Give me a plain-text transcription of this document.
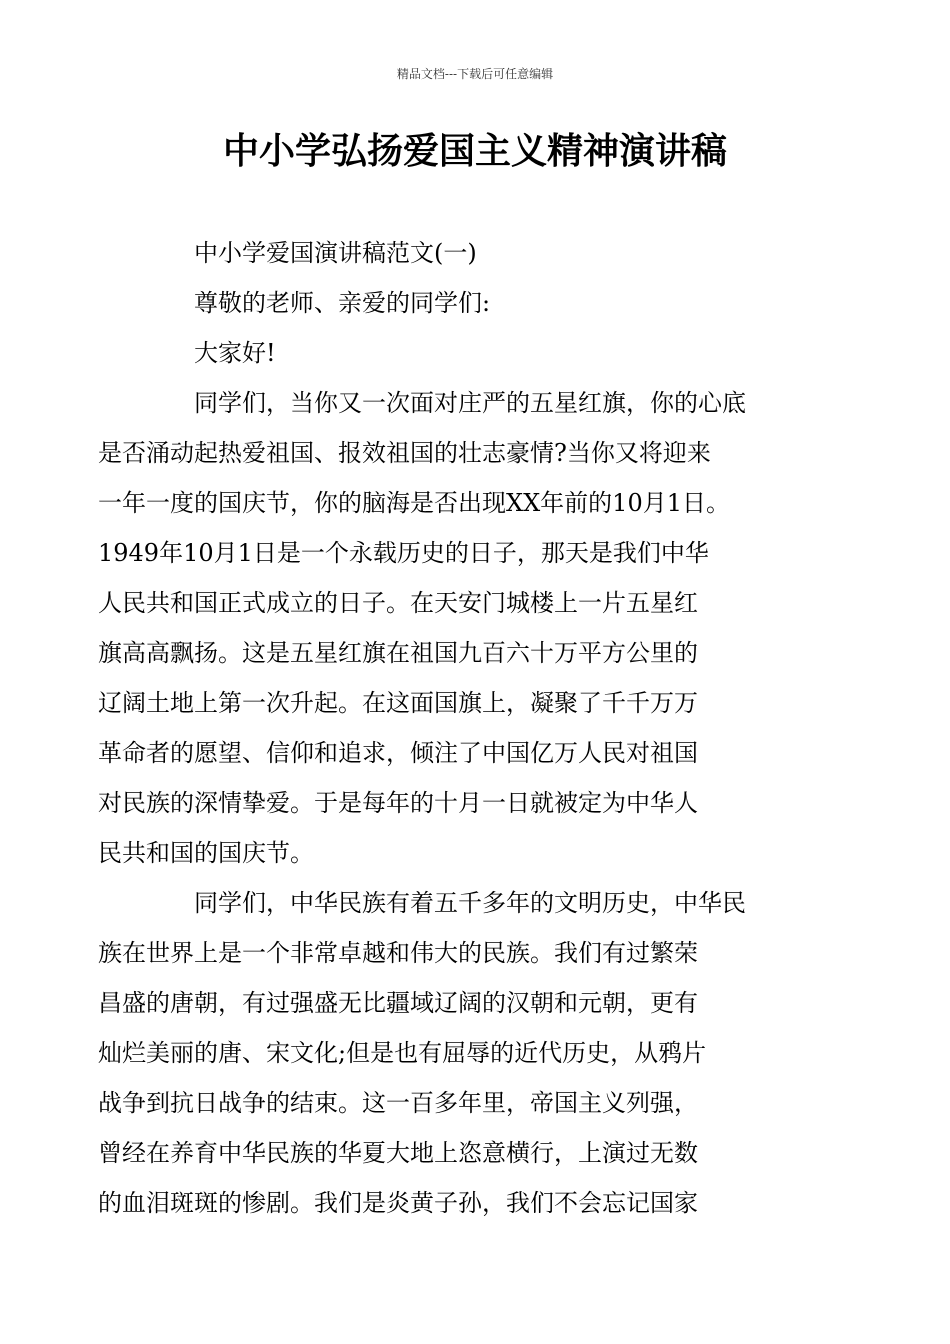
精品文档---下载后可任意编辑
中小学弘扬爱国主义精神演讲稿

中小学爱国演讲稿范文(一)

尊敬的老师、亲爱的同学们:

大家好!

同学们，当你又一次面对庄严的五星红旗，你的心底
是否涌动起热爱祖国、报效祖国的壮志豪情?当你又将迎来
一年一度的国庆节，你的脑海是否出现XX年前的10月1日。
1949年10月1日是一个永载历史的日子，那天是我们中华
人民共和国正式成立的日子。在天安门城楼上一片五星红
旗高高飘扬。这是五星红旗在祖国九百六十万平方公里的
辽阔土地上第一次升起。在这面国旗上，凝聚了千千万万
革命者的愿望、信仰和追求，倾注了中国亿万人民对祖国
对民族的深情挚爱。于是每年的十月一日就被定为中华人
民共和国的国庆节。

同学们，中华民族有着五千多年的文明历史，中华民
族在世界上是一个非常卓越和伟大的民族。我们有过繁荣
昌盛的唐朝，有过强盛无比疆域辽阔的汉朝和元朝，更有
灿烂美丽的唐、宋文化;但是也有屈辱的近代历史，从鸦片
战争到抗日战争的结束。这一百多年里，帝国主义列强，
曾经在养育中华民族的华夏大地上恣意横行，上演过无数
的血泪斑斑的惨剧。我们是炎黄子孙，我们不会忘记国家
